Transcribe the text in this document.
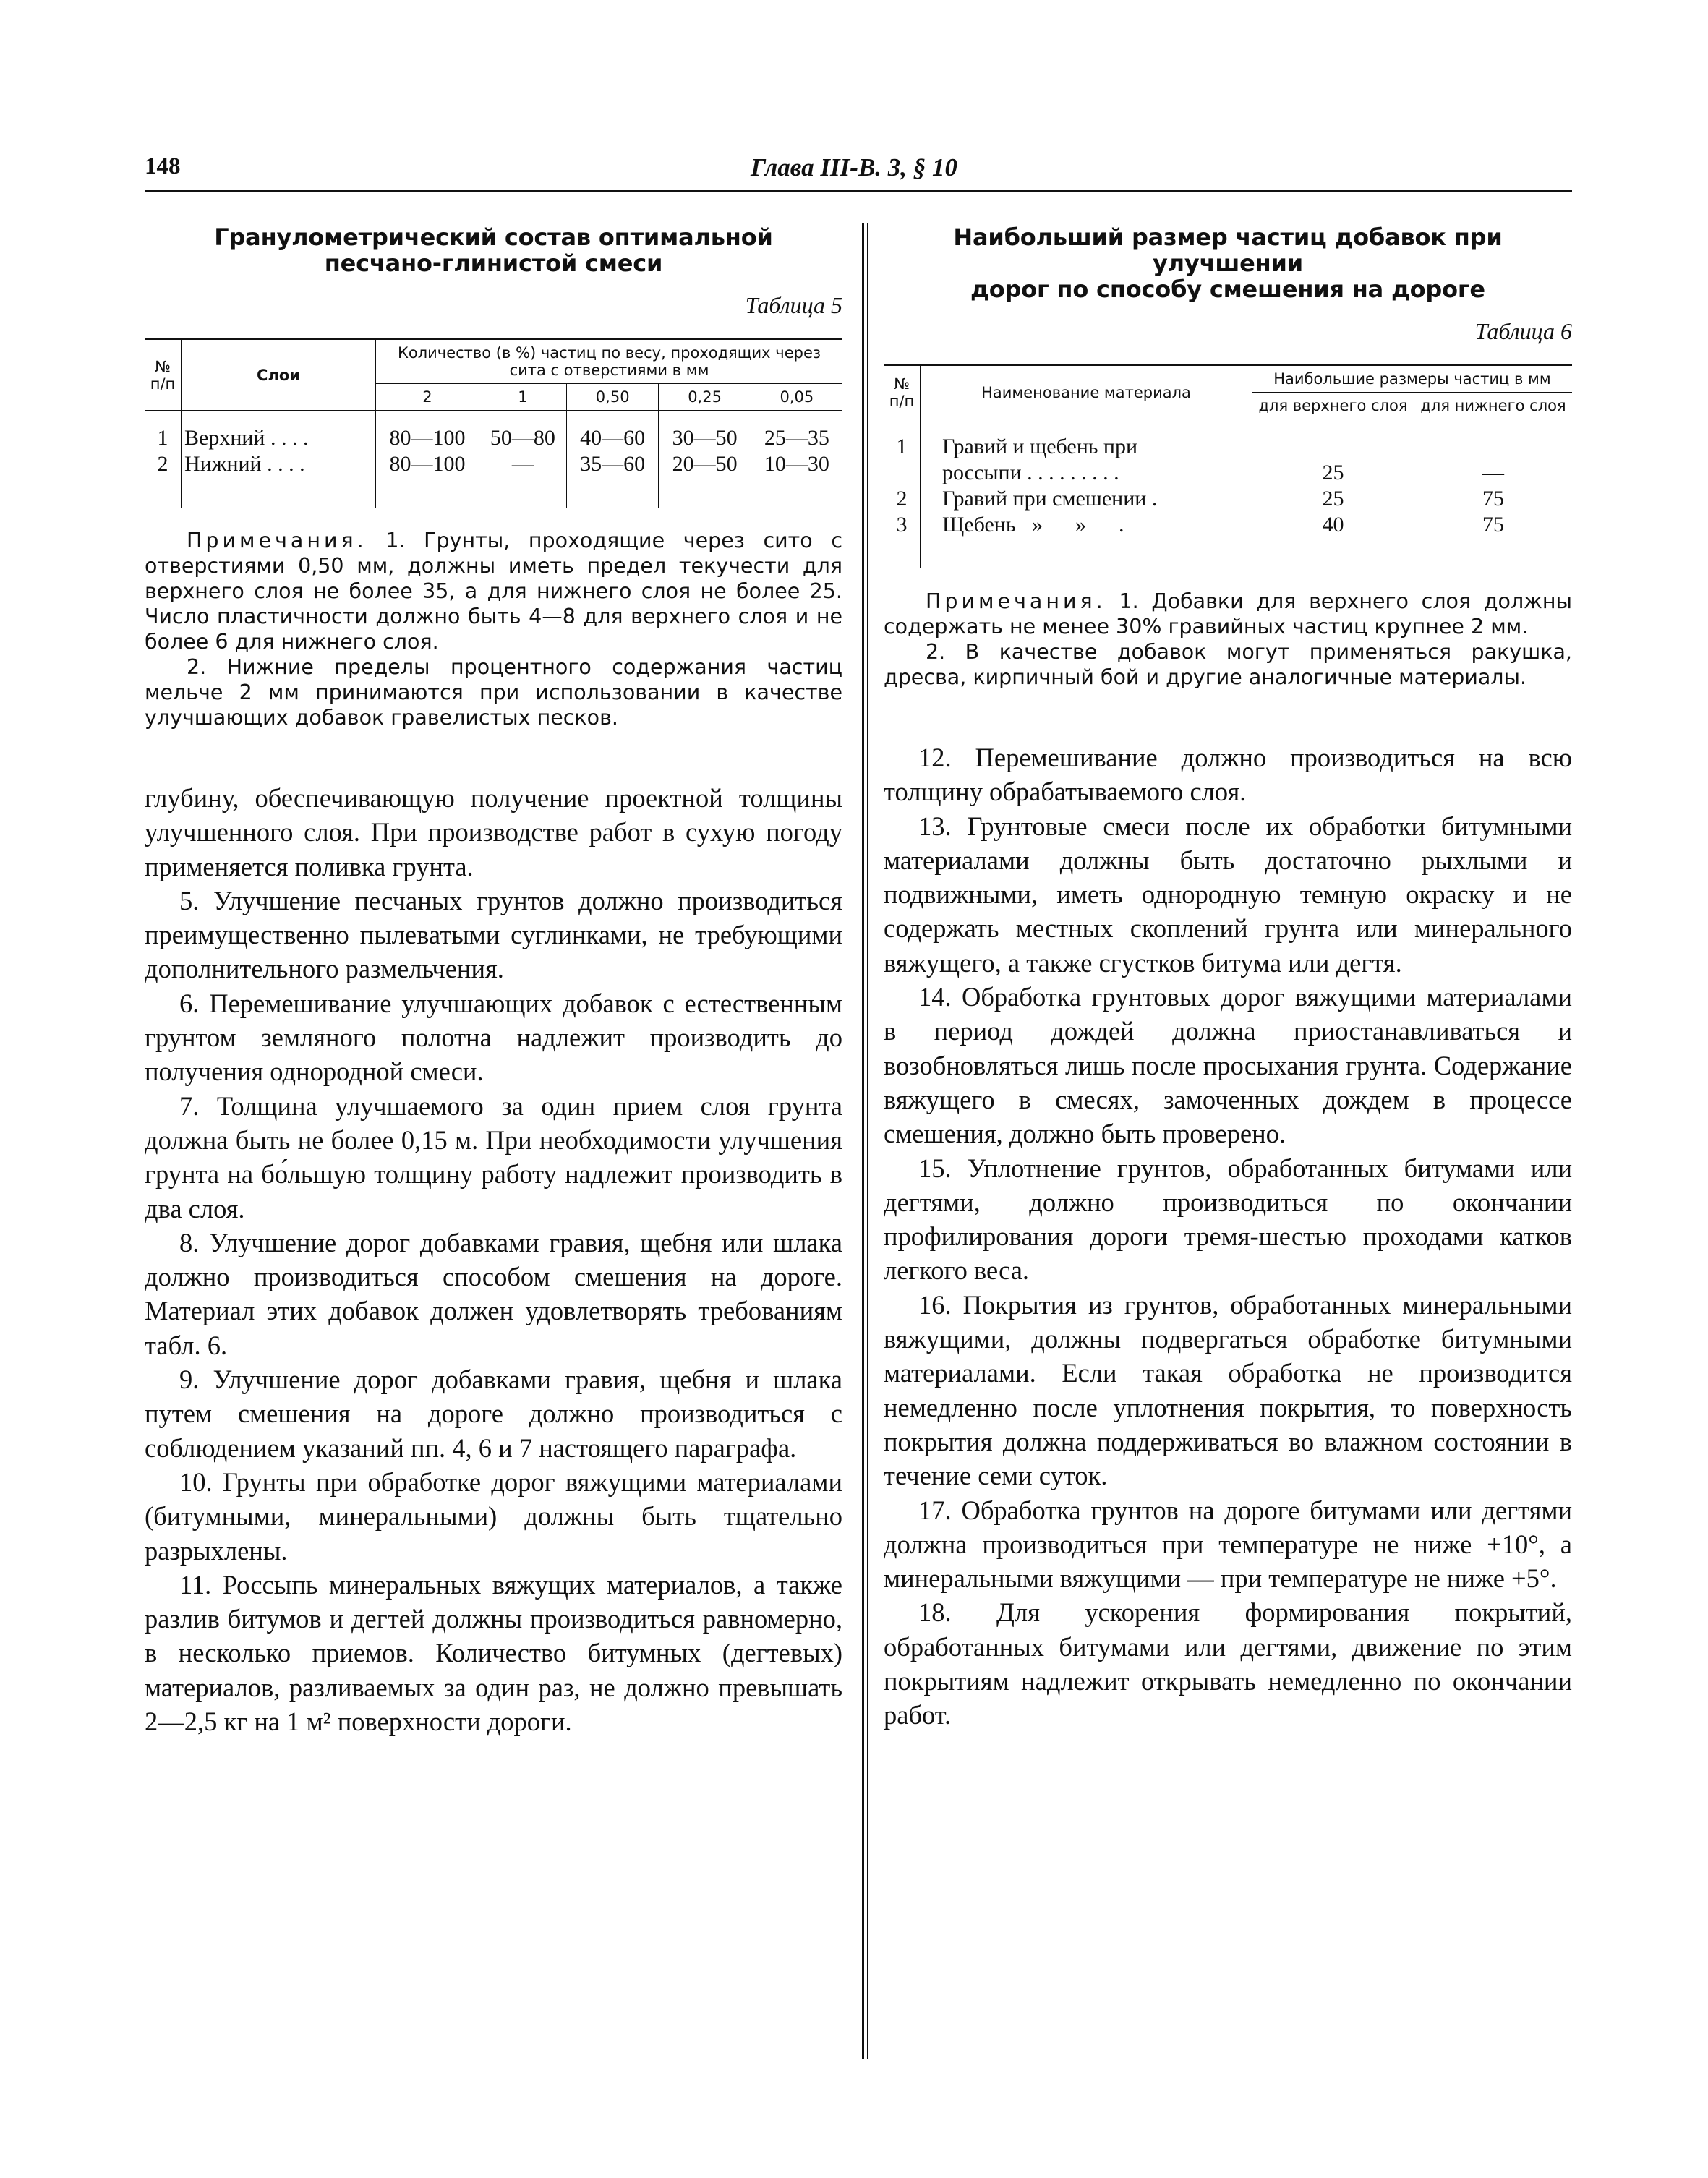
148	Глава III-В. 3, § 10
Гранулометрический состав оптимальной
песчано-глинистой смеси
Таблица 5
№ п/п	Слои	Количество (в %) частиц по весу, проходящих через сита с отверстиями в мм				
		2	1	0,50	0,25	0,05
1	Верхний . . . .	80—100	50—80	40—60	30—50	25—35
2	Нижний . . . .	80—100	—	35—60	20—50	10—30

Примечания. 1. Грунты, проходящие через сито с отверстиями 0,50 мм, должны иметь предел текучести для верхнего слоя не более 35, а для нижнего слоя не более 25. Число пластичности должно быть 4—8 для верхнего слоя и не более 6 для нижнего слоя.

2. Нижние пределы процентного содержания частиц мельче 2 мм принимаются при использовании в качестве улучшающих добавок гравелистых песков.

глубину, обеспечивающую получение проектной толщины улучшенного слоя. При производстве работ в сухую погоду применяется поливка грунта.

5. Улучшение песчаных грунтов должно производиться преимущественно пылеватыми суглинками, не требующими дополнительного размельчения.

6. Перемешивание улучшающих добавок с естественным грунтом земляного полотна надлежит производить до получения однородной смеси.

7. Толщина улучшаемого за один прием слоя грунта должна быть не более 0,15 м. При необходимости улучшения грунта на бо́льшую толщину работу надлежит производить в два слоя.

8. Улучшение дорог добавками гравия, щебня или шлака должно производиться способом смешения на дороге. Материал этих добавок должен удовлетворять требованиям табл. 6.

9. Улучшение дорог добавками гравия, щебня и шлака путем смешения на дороге должно производиться с соблюдением указаний пп. 4, 6 и 7 настоящего параграфа.

10. Грунты при обработке дорог вяжущими материалами (битумными, минеральными) должны быть тщательно разрыхлены.

11. Россыпь минеральных вяжущих материалов, а также разлив битумов и дегтей должны производиться равномерно, в несколько приемов. Количество битумных (дегтевых) материалов, разливаемых за один раз, не должно превышать 2—2,5 кг на 1 м² поверхности дороги.

Наибольший размер частиц добавок при улучшении
дорог по способу смешения на дороге
Таблица 6
№ п/п	Наименование материала	Наибольшие размеры частиц в мм	
		для верхнего слоя	для нижнего слоя
1	Гравий и щебень при
россыпи . . . . . . . . .	25	—
2	Гравий при смешении .	25	75
3	Щебень   »      »      .	40	75

Примечания. 1. Добавки для верхнего слоя должны содержать не менее 30% гравийных частиц крупнее 2 мм.

2. В качестве добавок могут применяться ракушка, дресва, кирпичный бой и другие аналогичные материалы.

12. Перемешивание должно производиться на всю толщину обрабатываемого слоя.

13. Грунтовые смеси после их обработки битумными материалами должны быть достаточно рыхлыми и подвижными, иметь однородную темную окраску и не содержать местных скоплений грунта или минерального вяжущего, а также сгустков битума или дегтя.

14. Обработка грунтовых дорог вяжущими материалами в период дождей должна приостанавливаться и возобновляться лишь после просыхания грунта. Содержание вяжущего в смесях, замоченных дождем в процессе смешения, должно быть проверено.

15. Уплотнение грунтов, обработанных битумами или дегтями, должно производиться по окончании профилирования дороги тремя-шестью проходами катков легкого веса.

16. Покрытия из грунтов, обработанных минеральными вяжущими, должны подвергаться обработке битумными материалами. Если такая обработка не производится немедленно после уплотнения покрытия, то поверхность покрытия должна поддерживаться во влажном состоянии в течение семи суток.

17. Обработка грунтов на дороге битумами или дегтями должна производиться при температуре не ниже +10°, а минеральными вяжущими — при температуре не ниже +5°.

18. Для ускорения формирования покрытий, обработанных битумами или дегтями, движение по этим покрытиям надлежит открывать немедленно по окончании работ.
